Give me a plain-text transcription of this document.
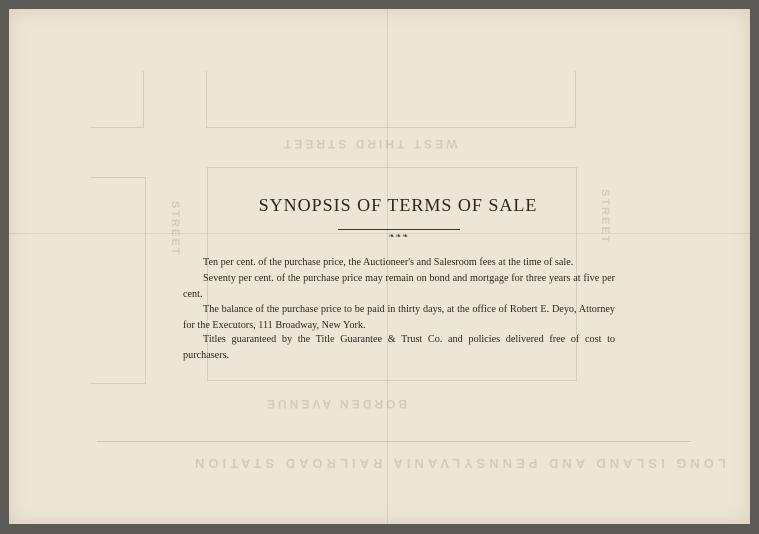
WEST THIRD STREET
BORDEN AVENUE
LONG ISLAND AND PENNSYLVANIA RAILROAD STATION
STREET	STREET
SYNOPSIS OF TERMS OF SALE
❧❧❧

Ten per cent. of the purchase price, the Auctioneer's and Salesroom fees at the time of sale.

Seventy per cent. of the purchase price may remain on bond and mortgage for three years at five per cent.

The balance of the purchase price to be paid in thirty days, at the office of Robert E. Deyo, Attorney for the Executors, 111 Broadway, New York.

Titles guaranteed by the Title Guarantee & Trust Co. and policies delivered free of cost to purchasers.
